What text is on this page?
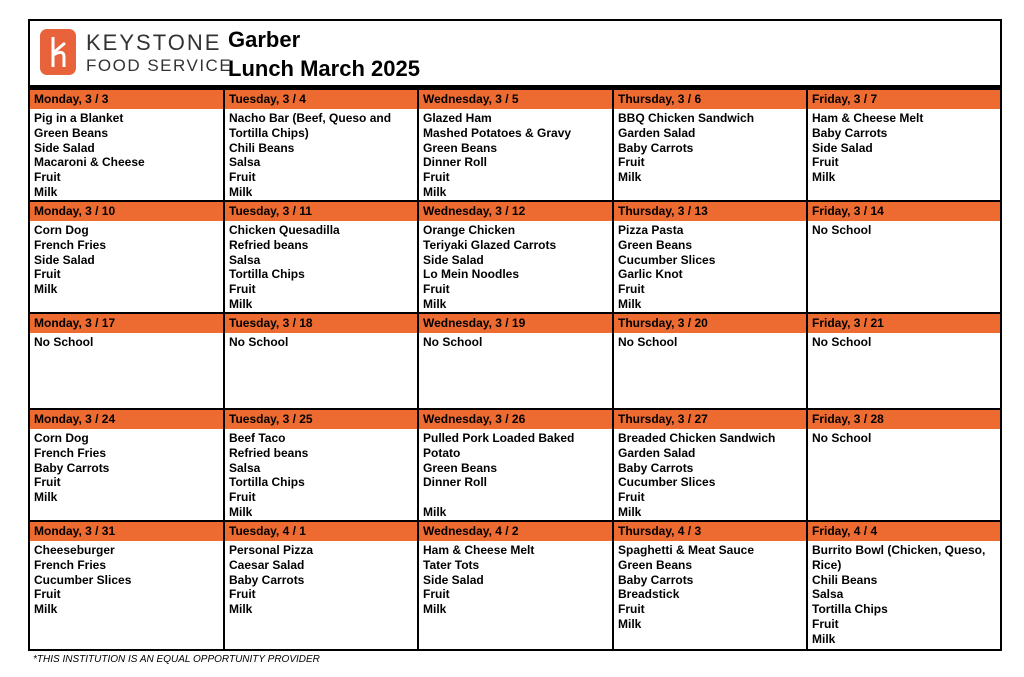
KEYSTONE
FOOD SERVICE
Garber
Lunch March 2025
Monday, 3 / 3
Pig in a Blanket
Green Beans
Side Salad
Macaroni & Cheese
Fruit
Milk
Tuesday, 3 / 4
Nacho Bar (Beef, Queso and Tortilla Chips)
Chili Beans
Salsa
Fruit
Milk
Wednesday, 3 / 5
Glazed Ham
Mashed Potatoes & Gravy
Green Beans
Dinner Roll
Fruit
Milk
Thursday, 3 / 6
BBQ Chicken Sandwich
Garden Salad
Baby Carrots
Fruit
Milk
Friday, 3 / 7
Ham & Cheese Melt
Baby Carrots
Side Salad
Fruit
Milk
Monday, 3 / 10
Corn Dog
French Fries
Side Salad
Fruit
Milk
Tuesday, 3 / 11
Chicken Quesadilla
Refried beans
Salsa
Tortilla Chips
Fruit
Milk
Wednesday, 3 / 12
Orange Chicken
Teriyaki Glazed Carrots
Side Salad
Lo Mein Noodles
Fruit
Milk
Thursday, 3 / 13
Pizza Pasta
Green Beans
Cucumber Slices
Garlic Knot
Fruit
Milk
Friday, 3 / 14
No School
Monday, 3 / 17
No School
Tuesday, 3 / 18
No School
Wednesday, 3 / 19
No School
Thursday, 3 / 20
No School
Friday, 3 / 21
No School
Monday, 3 / 24
Corn Dog
French Fries
Baby Carrots
Fruit
Milk
Tuesday, 3 / 25
Beef Taco
Refried beans
Salsa
Tortilla Chips
Fruit
Milk
Wednesday, 3 / 26
Pulled Pork Loaded Baked Potato
Green Beans
Dinner Roll

Milk
Thursday, 3 / 27
Breaded Chicken Sandwich
Garden Salad
Baby Carrots
Cucumber Slices
Fruit
Milk
Friday, 3 / 28
No School
Monday, 3 / 31
Cheeseburger
French Fries
Cucumber Slices
Fruit
Milk
Tuesday, 4 / 1
Personal Pizza
Caesar Salad
Baby Carrots
Fruit
Milk
Wednesday, 4 / 2
Ham & Cheese Melt
Tater Tots
Side Salad
Fruit
Milk
Thursday, 4 / 3
Spaghetti & Meat Sauce
Green Beans
Baby Carrots
Breadstick
Fruit
Milk
Friday, 4 / 4
Burrito Bowl (Chicken, Queso, Rice)
Chili Beans
Salsa
Tortilla Chips
Fruit
Milk
*THIS INSTITUTION IS AN EQUAL OPPORTUNITY PROVIDER
